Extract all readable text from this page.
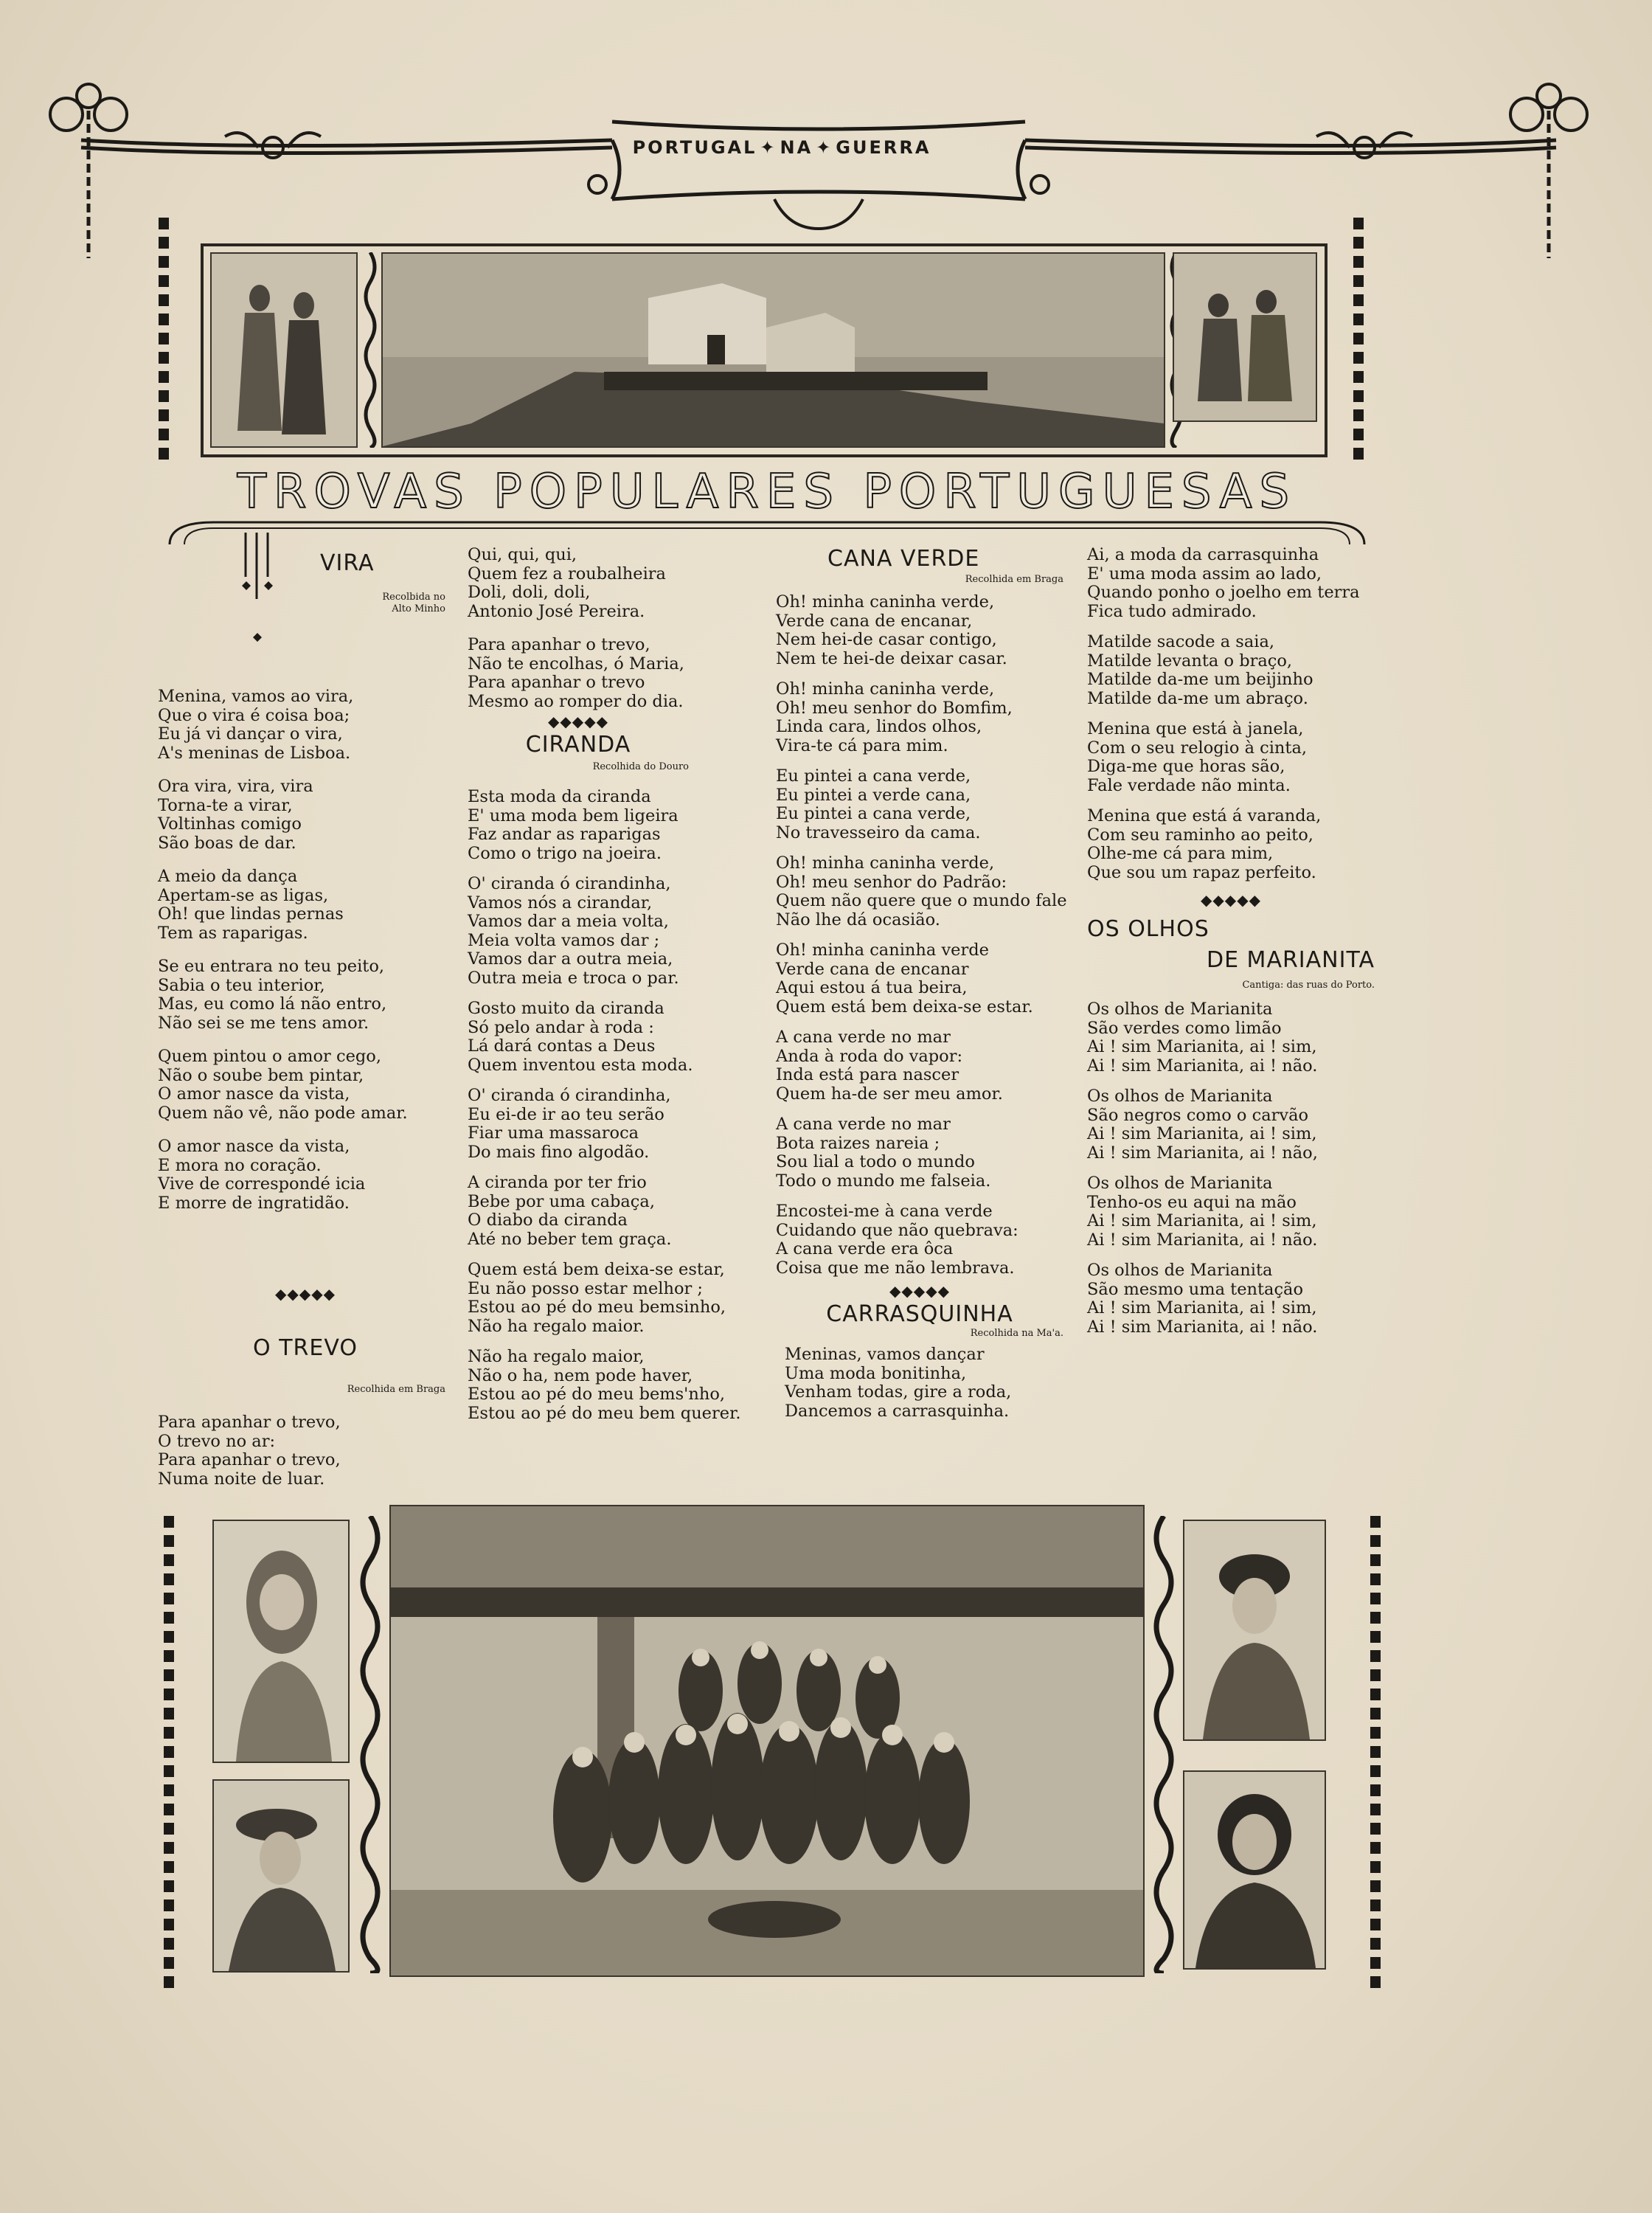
PORTUGAL ✦ NA ✦ GUERRA
TROVAS POPULARES PORTUGUESAS
VIRA

Recolbida no

Alto Minho

Menina, vamos ao vira,

Que o vira é coisa boa;

Eu já vi dançar o vira,

A's meninas de Lisboa.

Ora vira, vira, vira

Torna-te a virar,

Voltinhas comigo

São boas de dar.

A meio da dança

Apertam-se as ligas,

Oh! que lindas pernas

Tem as raparigas.

Se eu entrara no teu peito,

Sabia o teu interior,

Mas, eu como lá não entro,

Não sei se me tens amor.

Quem pintou o amor cego,

Não o soube bem pintar,

O amor nasce da vista,

Quem não vê, não pode amar.

O amor nasce da vista,

E mora no coração.

Vive de correspondé icia

E morre de ingratidão.

◆◆◆◆◆

O TREVO

Recolhida em Braga

Para apanhar o trevo,

O trevo no ar:

Para apanhar o trevo,

Numa noite de luar.

Qui, qui, qui,

Quem fez a roubalheira

Doli, doli, doli,

Antonio José Pereira.

Para apanhar o trevo,

Não te encolhas, ó Maria,

Para apanhar o trevo

Mesmo ao romper do dia.

◆◆◆◆◆

CIRANDA

Recolhida do Douro

Esta moda da ciranda

E' uma moda bem ligeira

Faz andar as raparigas

Como o trigo na joeira.

O' ciranda ó cirandinha,

Vamos nós a cirandar,

Vamos dar a meia volta,

Meia volta vamos dar ;

Vamos dar a outra meia,

Outra meia e troca o par.

Gosto muito da ciranda

Só pelo andar à roda :

Lá dará contas a Deus

Quem inventou esta moda.

O' ciranda ó cirandinha,

Eu ei-de ir ao teu serão

Fiar uma massaroca

Do mais fino algodão.

A ciranda por ter frio

Bebe por uma cabaça,

O diabo da ciranda

Até no beber tem graça.

Quem está bem deixa-se estar,

Eu não posso estar melhor ;

Estou ao pé do meu bemsinho,

Não ha regalo maior.

Não ha regalo maior,

Não o ha, nem pode haver,

Estou ao pé do meu bems'nho,

Estou ao pé do meu bem querer.

CANA VERDE

Recolhida em Braga

Oh! minha caninha verde,

Verde cana de encanar,

Nem hei-de casar contigo,

Nem te hei-de deixar casar.

Oh! minha caninha verde,

Oh! meu senhor do Bomfim,

Linda cara, lindos olhos,

Vira-te cá para mim.

Eu pintei a cana verde,

Eu pintei a verde cana,

Eu pintei a cana verde,

No travesseiro da cama.

Oh! minha caninha verde,

Oh! meu senhor do Padrão:

Quem não quere que o mundo fale

Não lhe dá ocasião.

Oh! minha caninha verde

Verde cana de encanar

Aqui estou á tua beira,

Quem está bem deixa-se estar.

A cana verde no mar

Anda à roda do vapor:

Inda está para nascer

Quem ha-de ser meu amor.

A cana verde no mar

Bota raizes nareia ;

Sou lial a todo o mundo

Todo o mundo me falseia.

Encostei-me à cana verde

Cuidando que não quebrava:

A cana verde era ôca

Coisa que me não lembrava.

◆◆◆◆◆

CARRASQUINHA

Recolhida na Ma'a.

Meninas, vamos dançar

Uma moda bonitinha,

Venham todas, gire a roda,

Dancemos a carrasquinha.

Ai, a moda da carrasquinha

E' uma moda assim ao lado,

Quando ponho o joelho em terra

Fica tudo admirado.

Matilde sacode a saia,

Matilde levanta o braço,

Matilde da-me um beijinho

Matilde da-me um abraço.

Menina que está à janela,

Com o seu relogio à cinta,

Diga-me que horas são,

Fale verdade não minta.

Menina que está á varanda,

Com seu raminho ao peito,

Olhe-me cá para mim,

Que sou um rapaz perfeito.

◆◆◆◆◆

OS OLHOS
DE MARIANITA

Cantiga: das ruas do Porto.

Os olhos de Marianita

São verdes como limão

Ai ! sim Marianita, ai ! sim,

Ai ! sim Marianita, ai ! não.

Os olhos de Marianita

São negros como o carvão

Ai ! sim Marianita, ai ! sim,

Ai ! sim Marianita, ai ! não,

Os olhos de Marianita

Tenho-os eu aqui na mão

Ai ! sim Marianita, ai ! sim,

Ai ! sim Marianita, ai ! não.

Os olhos de Marianita

São mesmo uma tentação

Ai ! sim Marianita, ai ! sim,

Ai ! sim Marianita, ai ! não.
